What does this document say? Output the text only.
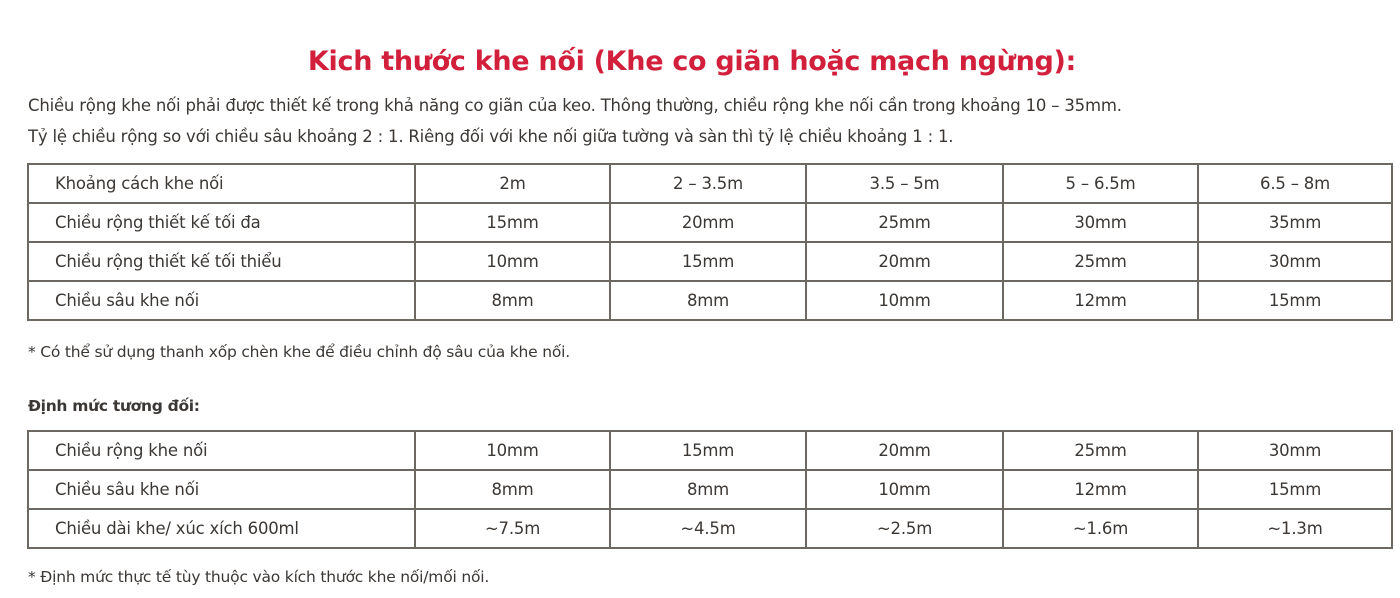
Kich thước khe nối (Khe co giãn hoặc mạch ngừng):

Chiều rộng khe nối phải được thiết kế trong khả năng co giãn của keo. Thông thường, chiều rộng khe nối cần trong khoảng 10 – 35mm.

Tỷ lệ chiều rộng so với chiều sâu khoảng 2 : 1. Riêng đối với khe nối giữa tường và sàn thì tỷ lệ chiều khoảng 1 : 1.

Khoảng cách khe nối	2m	2 – 3.5m	3.5 – 5m	5 – 6.5m	6.5 – 8m
Chiều rộng thiết kế tối đa	15mm	20mm	25mm	30mm	35mm
Chiều rộng thiết kế tối thiểu	10mm	15mm	20mm	25mm	30mm
Chiều sâu khe nối	8mm	8mm	10mm	12mm	15mm
* Có thể sử dụng thanh xốp chèn khe để điều chỉnh độ sâu của khe nối.
Định mức tương đối:
Chiều rộng khe nối	10mm	15mm	20mm	25mm	30mm
Chiều sâu khe nối	8mm	8mm	10mm	12mm	15mm
Chiều dài khe/ xúc xích 600ml	~7.5m	~4.5m	~2.5m	~1.6m	~1.3m
* Định mức thực tế tùy thuộc vào kích thước khe nối/mối nối.
